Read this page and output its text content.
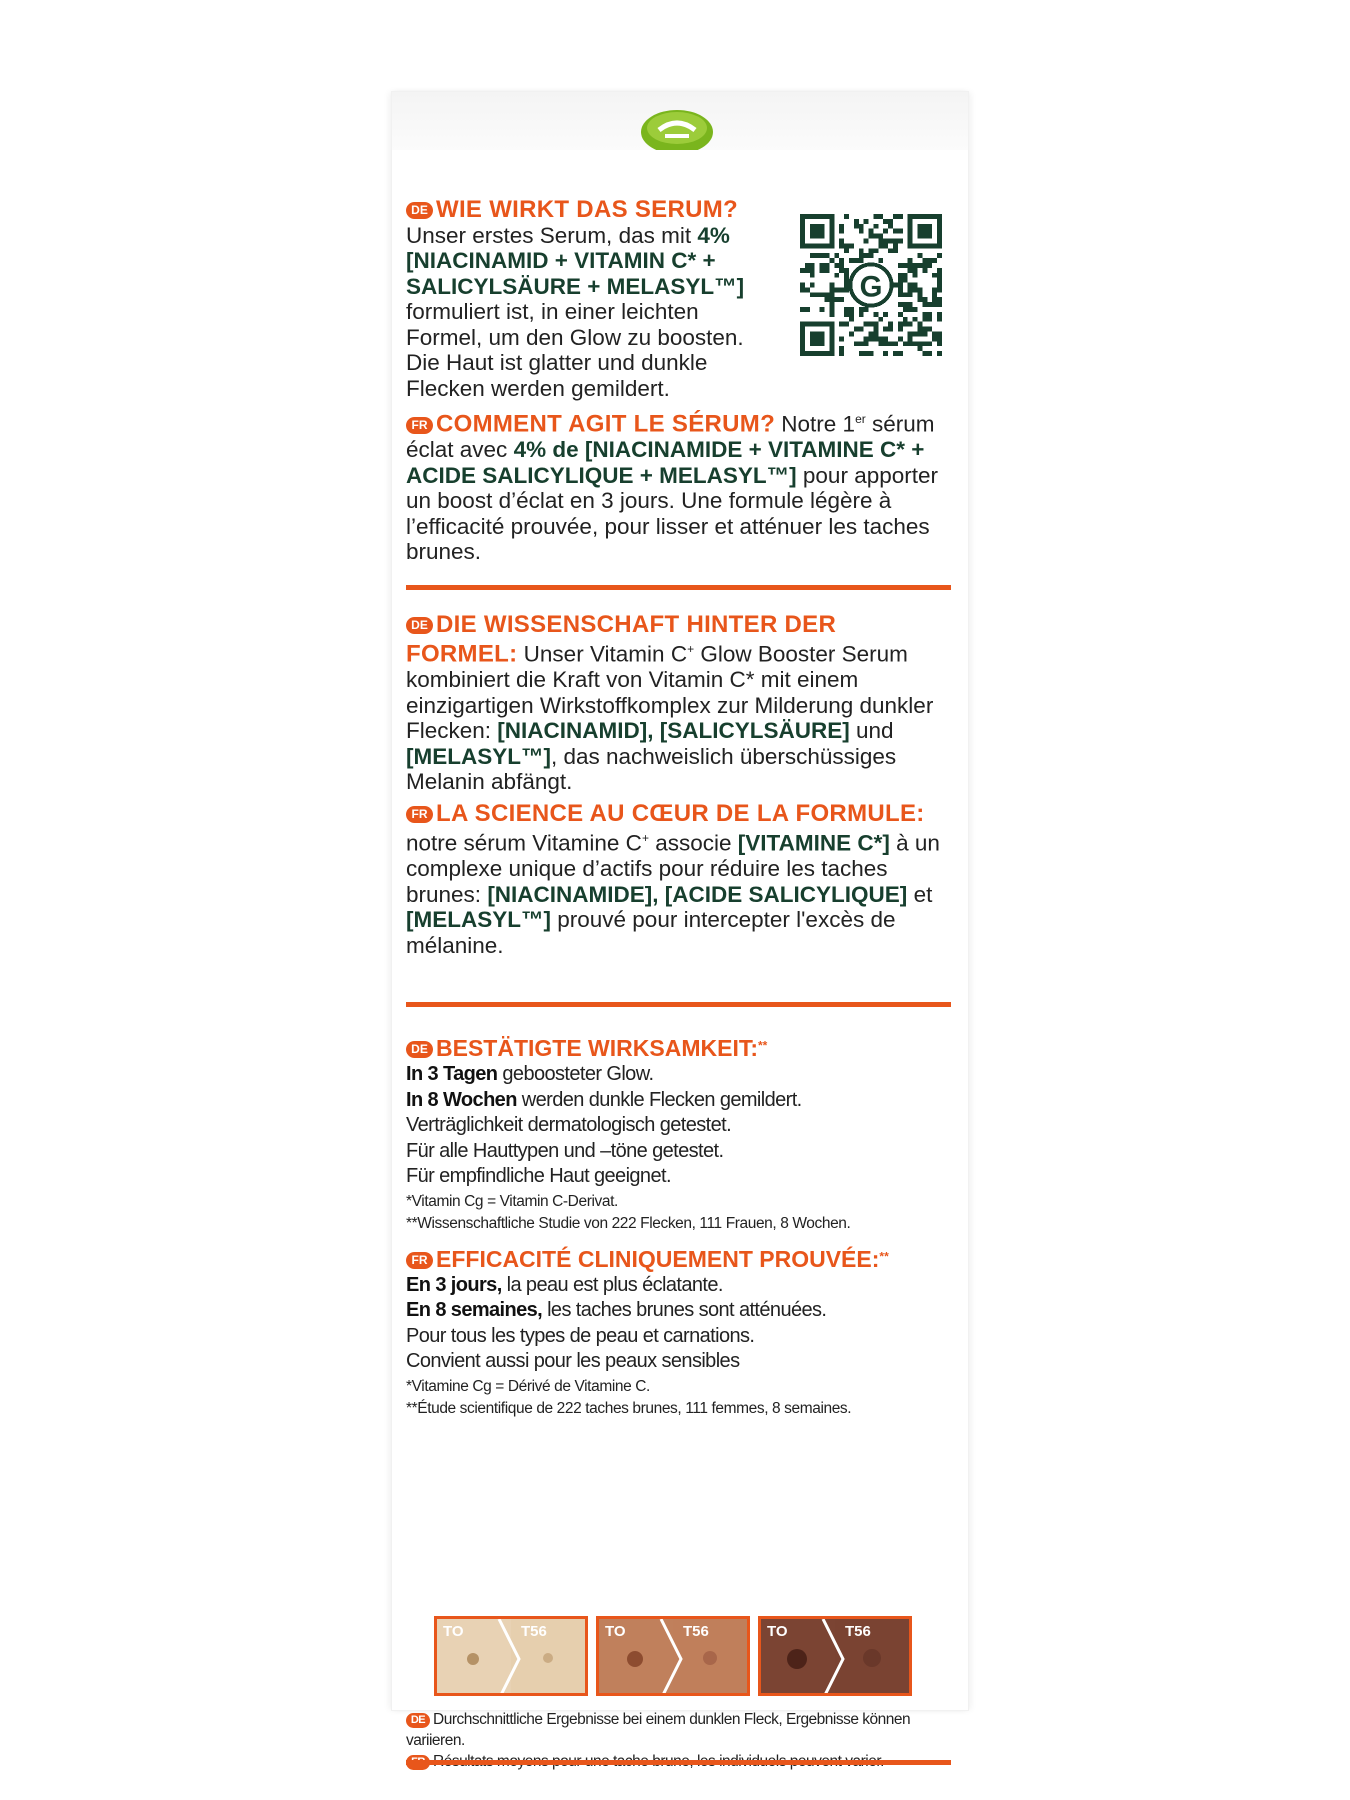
DE WIE WIRKT DAS SERUM?
Unser erstes Serum, das mit 4% [NIACINAMID + VITAMIN C* + SALICYLSÄURE + MELASYL™] formuliert ist, in einer leichten Formel, um den Glow zu boosten. Die Haut ist glatter und dunkle Flecken werden gemildert.
G
FR COMMENT AGIT LE SÉRUM? Notre 1er sérum éclat avec 4% de [NIACINAMIDE + VITAMINE C* + ACIDE SALICYLIQUE + MELASYL™] pour apporter un boost d’éclat en 3 jours. Une formule légère à l’efficacité prouvée, pour lisser et atténuer les taches brunes.
DE DIE WISSENSCHAFT HINTER DER FORMEL: Unser Vitamin C+ Glow Booster Serum kombiniert die Kraft von Vitamin C* mit einem einzigartigen Wirkstoffkomplex zur Milderung dunkler Flecken: [NIACINAMID], [SALICYLSÄURE] und [MELASYL™], das nachweislich überschüssiges Melanin abfängt.
FR LA SCIENCE AU CŒUR DE LA FORMULE: notre sérum Vitamine C+ associe [VITAMINE C*] à un complexe unique d’actifs pour réduire les taches brunes: [NIACINAMIDE], [ACIDE SALICYLIQUE] et [MELASYL™] prouvé pour intercepter l'excès de mélanine.
DE BESTÄTIGTE WIRKSAMKEIT:**
In 3 Tagen geboosteter Glow.
In 8 Wochen werden dunkle Flecken gemildert.
Verträglichkeit dermatologisch getestet.
Für alle Hauttypen und –töne getestet.
Für empfindliche Haut geeignet.
*Vitamin Cg = Vitamin C-Derivat.
**Wissenschaftliche Studie von 222 Flecken, 111 Frauen, 8 Wochen.
FR EFFICACITÉ CLINIQUEMENT PROUVÉE:**
En 3 jours, la peau est plus éclatante.
En 8 semaines, les taches brunes sont atténuées.
Pour tous les types de peau et carnations.
Convient aussi pour les peaux sensibles
*Vitamine Cg = Dérivé de Vitamine C.
**Étude scientifique de 222 taches brunes, 111 femmes, 8 semaines.
TO	T56	TO	T56	TO	T56
DE Durchschnittliche Ergebnisse bei einem dunklen Fleck, Ergebnisse können variieren.
